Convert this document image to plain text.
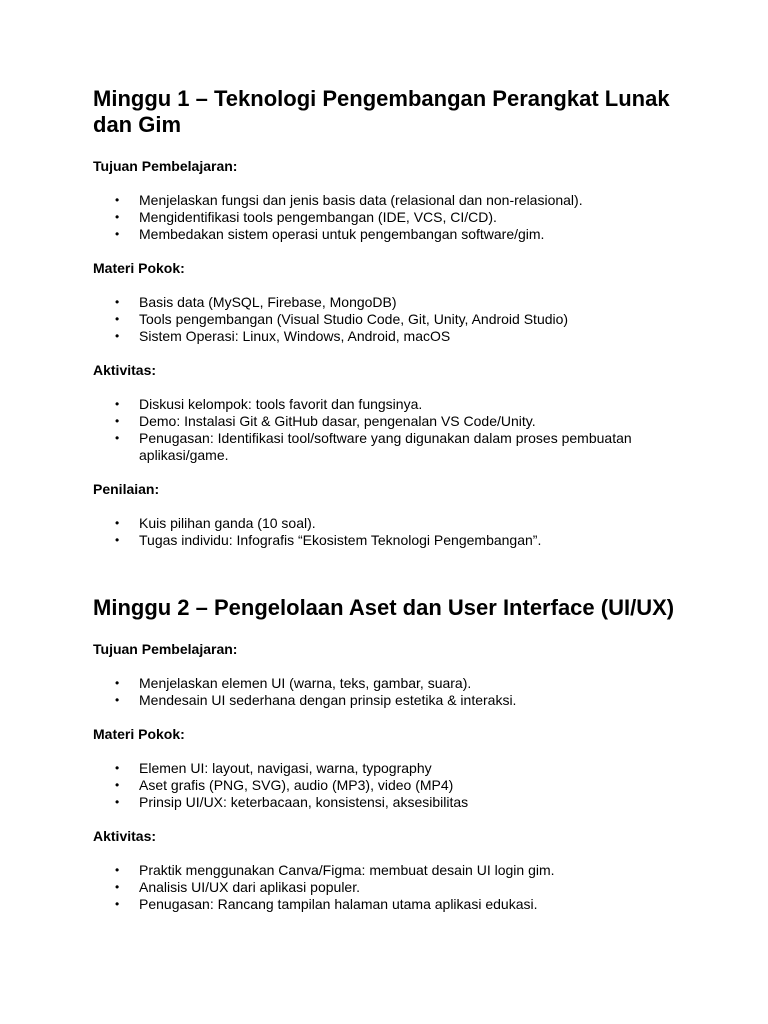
Minggu 1 – Teknologi Pengembangan Perangkat Lunak dan Gim
Tujuan Pembelajaran:
• Menjelaskan fungsi dan jenis basis data (relasional dan non-relasional).
• Mengidentifikasi tools pengembangan (IDE, VCS, CI/CD).
• Membedakan sistem operasi untuk pengembangan software/gim.
Materi Pokok:
• Basis data (MySQL, Firebase, MongoDB)
• Tools pengembangan (Visual Studio Code, Git, Unity, Android Studio)
• Sistem Operasi: Linux, Windows, Android, macOS
Aktivitas:
• Diskusi kelompok: tools favorit dan fungsinya.
• Demo: Instalasi Git & GitHub dasar, pengenalan VS Code/Unity.
• Penugasan: Identifikasi tool/software yang digunakan dalam proses pembuatan aplikasi/game.
Penilaian:
• Kuis pilihan ganda (10 soal).
• Tugas individu: Infografis “Ekosistem Teknologi Pengembangan”.
Minggu 2 – Pengelolaan Aset dan User Interface (UI/UX)
Tujuan Pembelajaran:
• Menjelaskan elemen UI (warna, teks, gambar, suara).
• Mendesain UI sederhana dengan prinsip estetika & interaksi.
Materi Pokok:
• Elemen UI: layout, navigasi, warna, typography
• Aset grafis (PNG, SVG), audio (MP3), video (MP4)
• Prinsip UI/UX: keterbacaan, konsistensi, aksesibilitas
Aktivitas:
• Praktik menggunakan Canva/Figma: membuat desain UI login gim.
• Analisis UI/UX dari aplikasi populer.
• Penugasan: Rancang tampilan halaman utama aplikasi edukasi.
